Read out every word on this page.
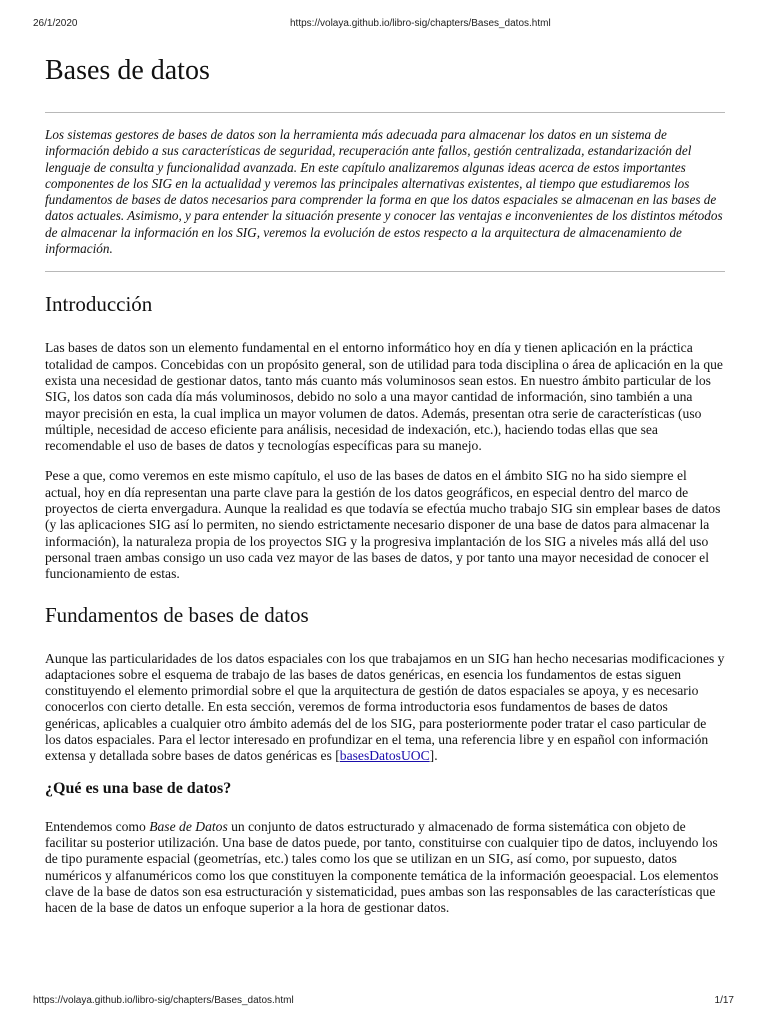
26/1/2020	https://volaya.github.io/libro-sig/chapters/Bases_datos.html
Bases de datos

Los sistemas gestores de bases de datos son la herramienta más adecuada para almacenar los datos en un sistema de información debido a sus características de seguridad, recuperación ante fallos, gestión centralizada, estandarización del lenguaje de consulta y funcionalidad avanzada. En este capítulo analizaremos algunas ideas acerca de estos importantes componentes de los SIG en la actualidad y veremos las principales alternativas existentes, al tiempo que estudiaremos los fundamentos de bases de datos necesarios para comprender la forma en que los datos espaciales se almacenan en las bases de datos actuales. Asimismo, y para entender la situación presente y conocer las ventajas e inconvenientes de los distintos métodos de almacenar la información en los SIG, veremos la evolución de estos respecto a la arquitectura de almacenamiento de información.

Introducción

Las bases de datos son un elemento fundamental en el entorno informático hoy en día y tienen aplicación en la práctica totalidad de campos. Concebidas con un propósito general, son de utilidad para toda disciplina o área de aplicación en la que exista una necesidad de gestionar datos, tanto más cuanto más voluminosos sean estos. En nuestro ámbito particular de los SIG, los datos son cada día más voluminosos, debido no solo a una mayor cantidad de información, sino también a una mayor precisión en esta, la cual implica un mayor volumen de datos. Además, presentan otra serie de características (uso múltiple, necesidad de acceso eficiente para análisis, necesidad de indexación, etc.), haciendo todas ellas que sea recomendable el uso de bases de datos y tecnologías específicas para su manejo.

Pese a que, como veremos en este mismo capítulo, el uso de las bases de datos en el ámbito SIG no ha sido siempre el actual, hoy en día representan una parte clave para la gestión de los datos geográficos, en especial dentro del marco de proyectos de cierta envergadura. Aunque la realidad es que todavía se efectúa mucho trabajo SIG sin emplear bases de datos (y las aplicaciones SIG así lo permiten, no siendo estrictamente necesario disponer de una base de datos para almacenar la información), la naturaleza propia de los proyectos SIG y la progresiva implantación de los SIG a niveles más allá del uso personal traen ambas consigo un uso cada vez mayor de las bases de datos, y por tanto una mayor necesidad de conocer el funcionamiento de estas.

Fundamentos de bases de datos

Aunque las particularidades de los datos espaciales con los que trabajamos en un SIG han hecho necesarias modificaciones y adaptaciones sobre el esquema de trabajo de las bases de datos genéricas, en esencia los fundamentos de estas siguen constituyendo el elemento primordial sobre el que la arquitectura de gestión de datos espaciales se apoya, y es necesario conocerlos con cierto detalle. En esta sección, veremos de forma introductoria esos fundamentos de bases de datos genéricas, aplicables a cualquier otro ámbito además del de los SIG, para posteriormente poder tratar el caso particular de los datos espaciales. Para el lector interesado en profundizar en el tema, una referencia libre y en español con información extensa y detallada sobre bases de datos genéricas es [basesDatosUOC].

¿Qué es una base de datos?

Entendemos como Base de Datos un conjunto de datos estructurado y almacenado de forma sistemática con objeto de facilitar su posterior utilización. Una base de datos puede, por tanto, constituirse con cualquier tipo de datos, incluyendo los de tipo puramente espacial (geometrías, etc.) tales como los que se utilizan en un SIG, así como, por supuesto, datos numéricos y alfanuméricos como los que constituyen la componente temática de la información geoespacial. Los elementos clave de la base de datos son esa estructuración y sistematicidad, pues ambas son las responsables de las características que hacen de la base de datos un enfoque superior a la hora de gestionar datos.

https://volaya.github.io/libro-sig/chapters/Bases_datos.html	1/17
